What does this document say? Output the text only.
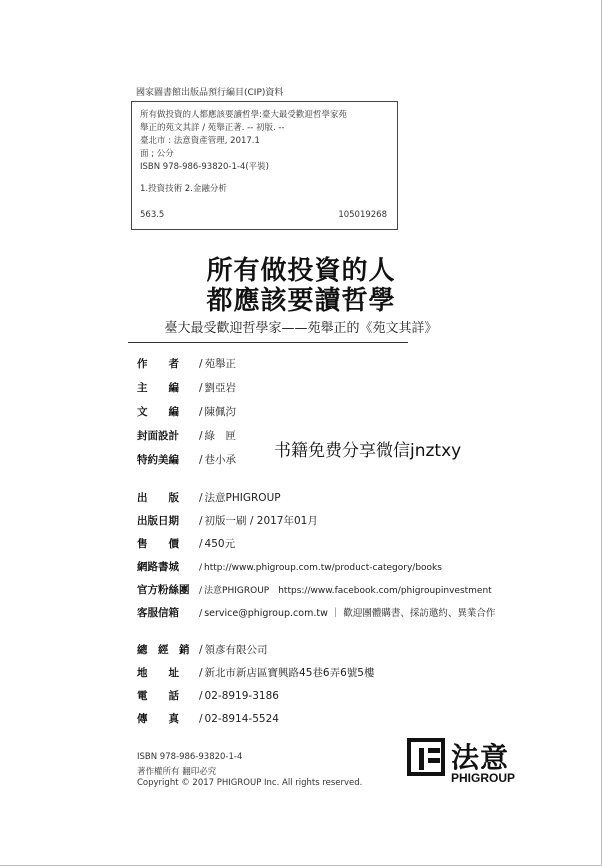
國家圖書館出版品預行編目(CIP)資料
所有做投資的人都應該要讀哲學:臺大最受歡迎哲學家苑
舉正的苑文其詳 / 苑舉正著. -- 初版. --
臺北市 : 法意資產管理, 2017.1
面 ; 公分
ISBN 978-986-93820-1-4(平裝)
1.投資技術 2.金融分析
563.5	105019268
所有做投資的人
都應該要讀哲學
臺大最受歡迎哲學家——苑舉正的《苑文其詳》
作　　者 / 苑舉正
主　　編 / 劉亞岩
文　　編 / 陳佩汮
封面設計 / 綠　匣
特約美編 / 巷小承 书籍免费分享微信jnztxy
出　　版 / 法意PHIGROUP
出版日期 / 初版一刷 / 2017年01月
售　　價 / 450元
網路書城 / http://www.phigroup.com.tw/product-category/books
官方粉絲團 / 法意PHIGROUP　https://www.facebook.com/phigroupinvestment
客服信箱 / service@phigroup.com.tw ｜ 歡迎團體購書、採訪邀約、異業合作
總　經　銷 / 領彥有限公司
地　　址 / 新北市新店區寶興路45巷6弄6號5樓
電　　話 / 02-8919-3186
傳　　真 / 02-8914-5524
ISBN 978-986-93820-1-4
著作權所有 翻印必究
Copyright © 2017 PHIGROUP Inc. All rights reserved.
法意
PHIGROUP
